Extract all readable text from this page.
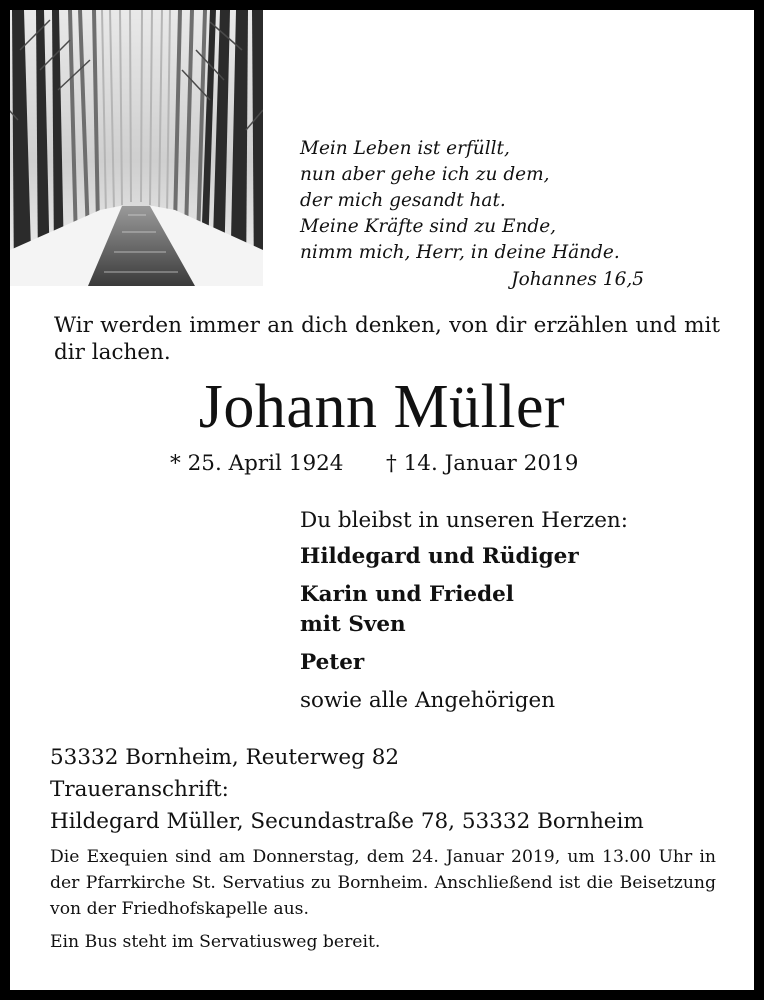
Mein Leben ist erfüllt,
nun aber gehe ich zu dem,
der mich gesandt hat.
Meine Kräfte sind zu Ende,
nimm mich, Herr, in deine Hände.
Johannes 16,5
Wir werden immer an dich denken, von dir erzählen und mit dir lachen.
Johann Müller
* 25. April 1924 † 14. Januar 2019
Du bleibst in unseren Herzen:
Hildegard und Rüdiger
Karin und Friedel
mit Sven
Peter
sowie alle Angehörigen
53332 Bornheim, Reuterweg 82
Traueranschrift:
Hildegard Müller, Secundastraße 78, 53332 Bornheim
Die Exequien sind am Donnerstag, dem 24. Januar 2019, um 13.00 Uhr in der Pfarrkirche St. Servatius zu Bornheim. Anschließend ist die Beisetzung von der Friedhofskapelle aus.
Ein Bus steht im Servatiusweg bereit.
